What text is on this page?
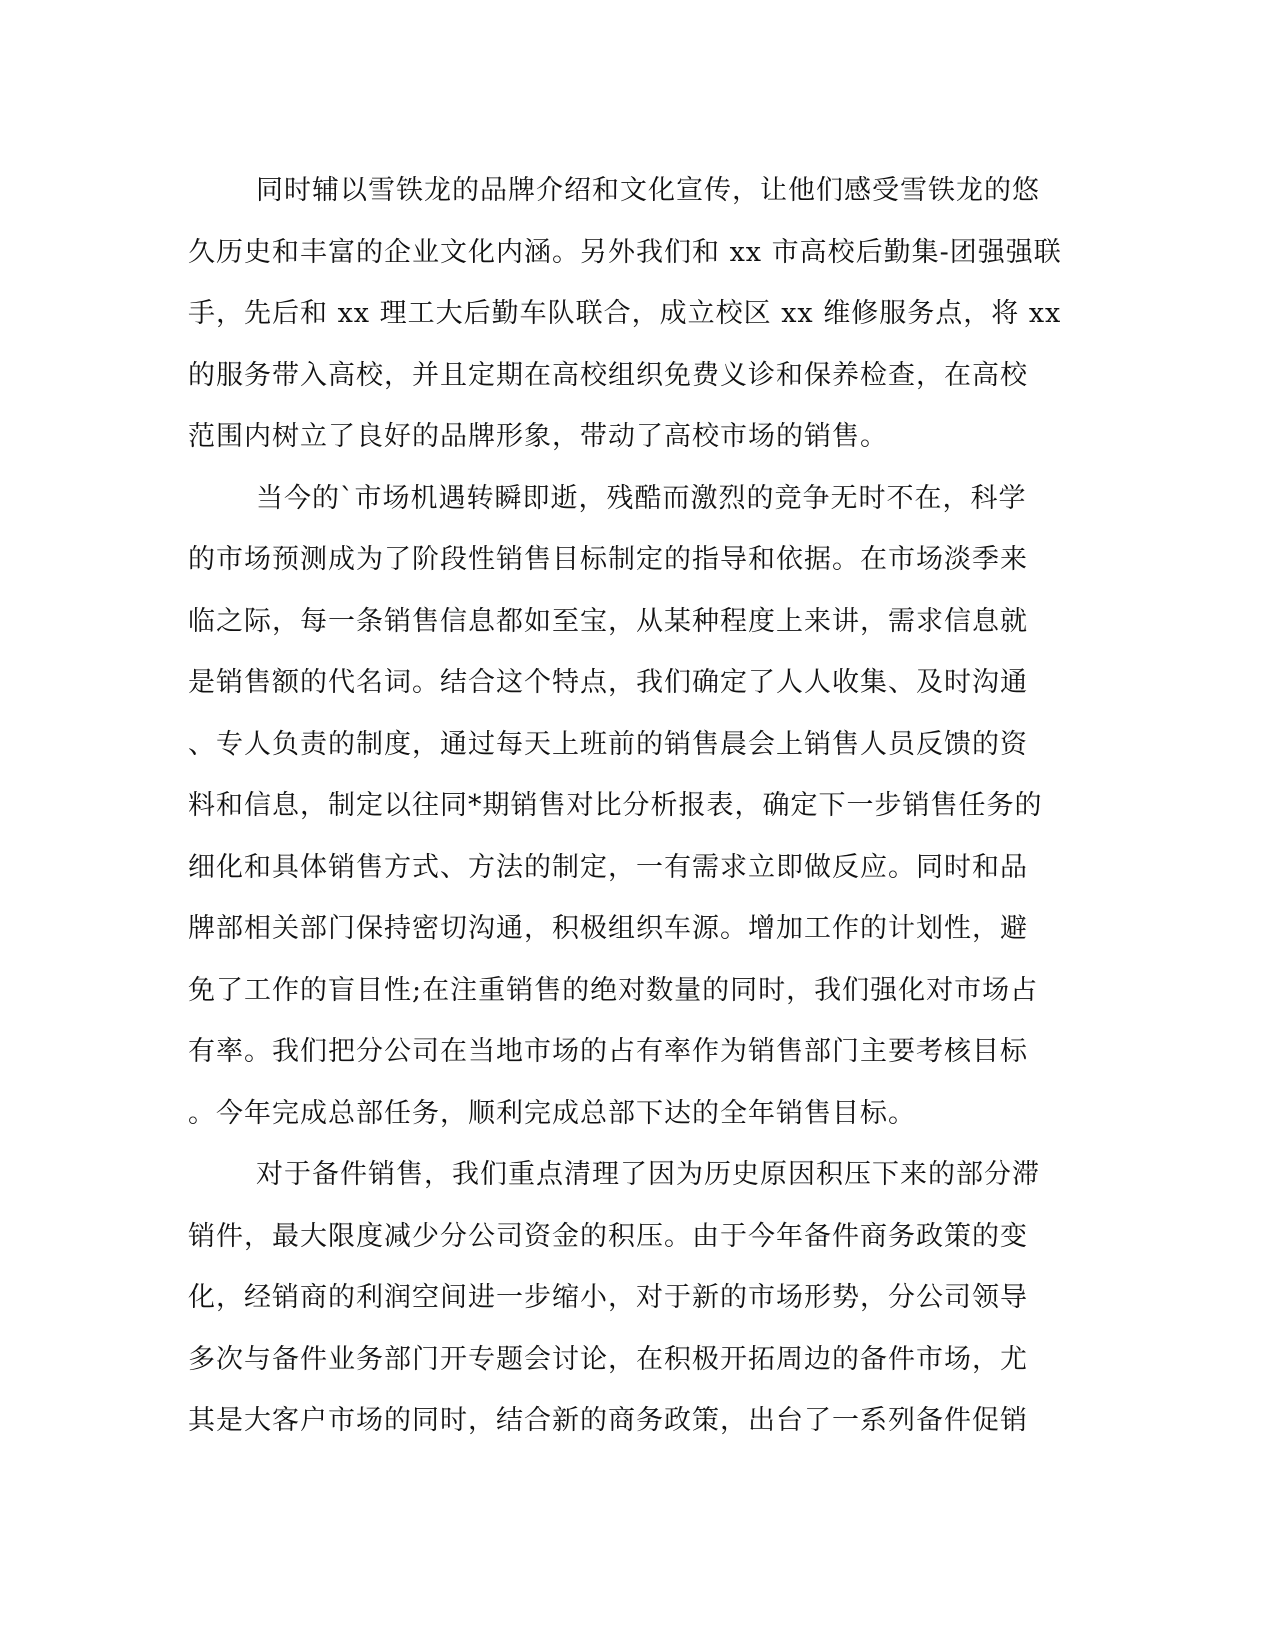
同时辅以雪铁龙的品牌介绍和文化宣传，让他们感受雪铁龙的悠
久历史和丰富的企业文化内涵。另外我们和 xx 市高校后勤集-团强强联
手，先后和 xx 理工大后勤车队联合，成立校区 xx 维修服务点，将 xx
的服务带入高校，并且定期在高校组织免费义诊和保养检查，在高校
范围内树立了良好的品牌形象，带动了高校市场的销售。
当今的`市场机遇转瞬即逝，残酷而激烈的竞争无时不在，科学
的市场预测成为了阶段性销售目标制定的指导和依据。在市场淡季来
临之际，每一条销售信息都如至宝，从某种程度上来讲，需求信息就
是销售额的代名词。结合这个特点，我们确定了人人收集、及时沟通
、专人负责的制度，通过每天上班前的销售晨会上销售人员反馈的资
料和信息，制定以往同*期销售对比分析报表，确定下一步销售任务的
细化和具体销售方式、方法的制定，一有需求立即做反应。同时和品
牌部相关部门保持密切沟通，积极组织车源。增加工作的计划性，避
免了工作的盲目性;在注重销售的绝对数量的同时，我们强化对市场占
有率。我们把分公司在当地市场的占有率作为销售部门主要考核目标
。今年完成总部任务，顺利完成总部下达的全年销售目标。
对于备件销售，我们重点清理了因为历史原因积压下来的部分滞
销件，最大限度减少分公司资金的积压。由于今年备件商务政策的变
化，经销商的利润空间进一步缩小，对于新的市场形势，分公司领导
多次与备件业务部门开专题会讨论，在积极开拓周边的备件市场，尤
其是大客户市场的同时，结合新的商务政策，出台了一系列备件促销
